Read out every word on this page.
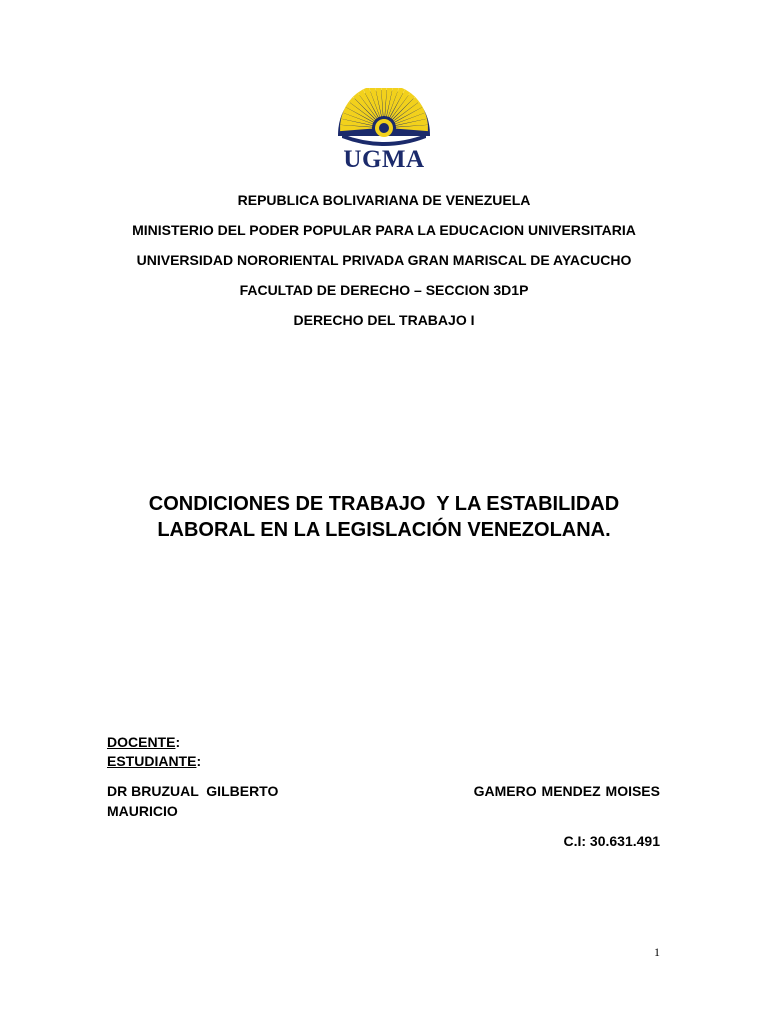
UGMA
REPUBLICA BOLIVARIANA DE VENEZUELA
MINISTERIO DEL PODER POPULAR PARA LA EDUCACION UNIVERSITARIA
UNIVERSIDAD NORORIENTAL PRIVADA GRAN MARISCAL DE AYACUCHO
FACULTAD DE DERECHO – SECCION 3D1P
DERECHO DEL TRABAJO I
CONDICIONES DE TRABAJO  Y LA ESTABILIDAD
LABORAL EN LA LEGISLACIÓN VENEZOLANA.
DOCENTE:
ESTUDIANTE:
DR BRUZUAL  GILBERTO
MAURICIO
GAMERO MENDEZ MOISES
C.I: 30.631.491
1
